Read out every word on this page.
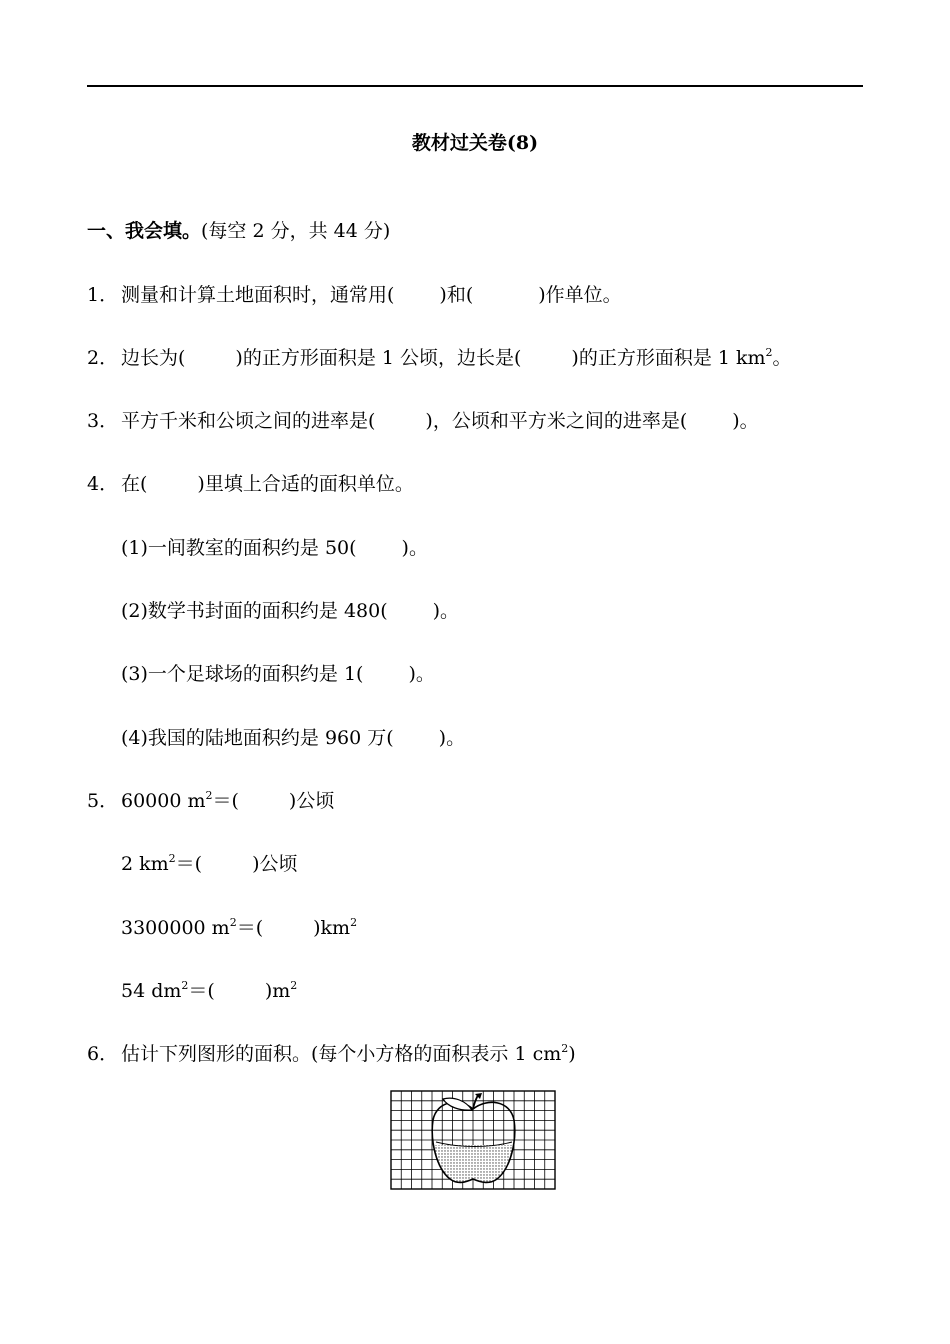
教材过关卷(8)
一、我会填。(每空 2 分，共 44 分)
1． 测量和计算土地面积时，通常用( )和(	)作单位。
2． 边长为(	)的正方形面积是 1 公顷，边长是(	)的正方形面积是 1 $km^2$。
3． 平方千米和公顷之间的进率是(	)，公顷和平方米之间的进率是( )。
4． 在(	)里填上合适的面积单位。
(1)一间教室的面积约是 50( )。
(2)数学书封面的面积约是 480( )。
(3)一个足球场的面积约是 1( )。
(4)我国的陆地面积约是 960 万( )。
5． 60000 $m^2=$(	)公顷
2 $km^2=$(	)公顷
3300000 $m^2=$(	)$km^2$
54 $dm^2=$(	)$m^2$
6． 估计下列图形的面积。(每个小方格的面积表示 1 $cm^2$)
